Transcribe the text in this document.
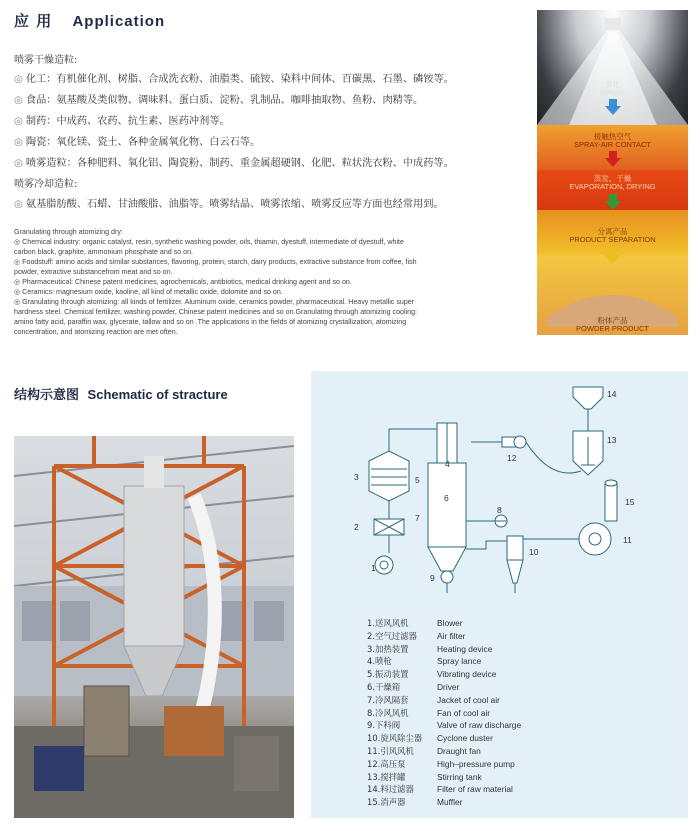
应 用 Application
喷雾干燥造粒:
◎ 化工：有机催化剂、树脂、合成洗衣粉、油脂类、硫铵、染料中间体、百碳黑、石墨、磷铵等。
◎ 食品：氨基酸及类似物、调味料、蛋白质、淀粉、乳制品、咖啡抽取物、鱼粉、肉精等。
◎ 制药：中成药、农药、抗生素、医药冲剂等。
◎ 陶瓷：氧化镁、瓷土、各种金属氧化物、白云石等。
◎ 喷雾造粒：各种肥料、氧化铝、陶瓷粉、制药、重金属超硬钢、化肥、粒状洗衣粉、中成药等。
喷雾冷却造粒:
◎ 氨基脂肪酸、石蜡、甘油酸脂、油脂等。喷雾结晶、喷雾浓缩、喷雾反应等方面也经常用到。

Granulating through atomizing dry:

◎ Chemical industry: organic catalyst, resin, synthetic washing powder, oils, thiamin, dyestuff, intermediate of dyestuff, white

carbon black, graphite, ammonium phosphate and so on.

◎ Foodstuff: amino acids and similar substances, flavoring, protein, starch, dairy products, extractive substance from coffee, fish

powder, extractive substancefrom meat and so on.

◎ Pharmaceutical: Chinese patent medicines, agrochemicals, antibiotics, medical drinking agent and so on.

◎ Ceramics: magnesium oxide, kaoline, all kind of metallic oxide, dolomite and so on.

◎ Granulating through atomizing: all kinds of fertilizer. Aluminum oxide, ceramics powder, pharmaceutical. Heavy metallic super

hardness steel. Chemical fertilizer, washing powder, Chinese patent medicines and so on.Granulating through atomizing cooling:

amino fatty acid, paraffin wax, glycerate, tallow and so on .The applications in the fields of atomizing crystallization, atomizing

concentration, and atomizing reaction are met often.

雾化
SPRAY
接触热空气
SPRAY-AIR CONTACT
蒸发、干燥
EVAPORATION, DRYING
分离产品
PRODUCT SEPARATION
粉体产品
POWDER PRODUCT
结构示意图 Schematic of stracture
1
2
3
4
5
6
7
8
9
10
11
12
13
14
15
1.送风风机	Blower
2.空气过滤器 Air filter
3.加热装置	Heating device
4.喷枪	Spray lance
5.振动装置	Vibrating device
6.干燥箱	Driver
7.冷风隔套	Jacket of cool air
8.冷风风机	Fan of cool air
9.下料阀	Valve of raw discharge
10.旋风除尘器 Cyclone duster
11.引风风机	Draught fan
12.高压泵	High–pressure pump
13.搅拌罐	Stirring tank
14.料过滤器	Filter of raw material
15.消声器	Muffler
